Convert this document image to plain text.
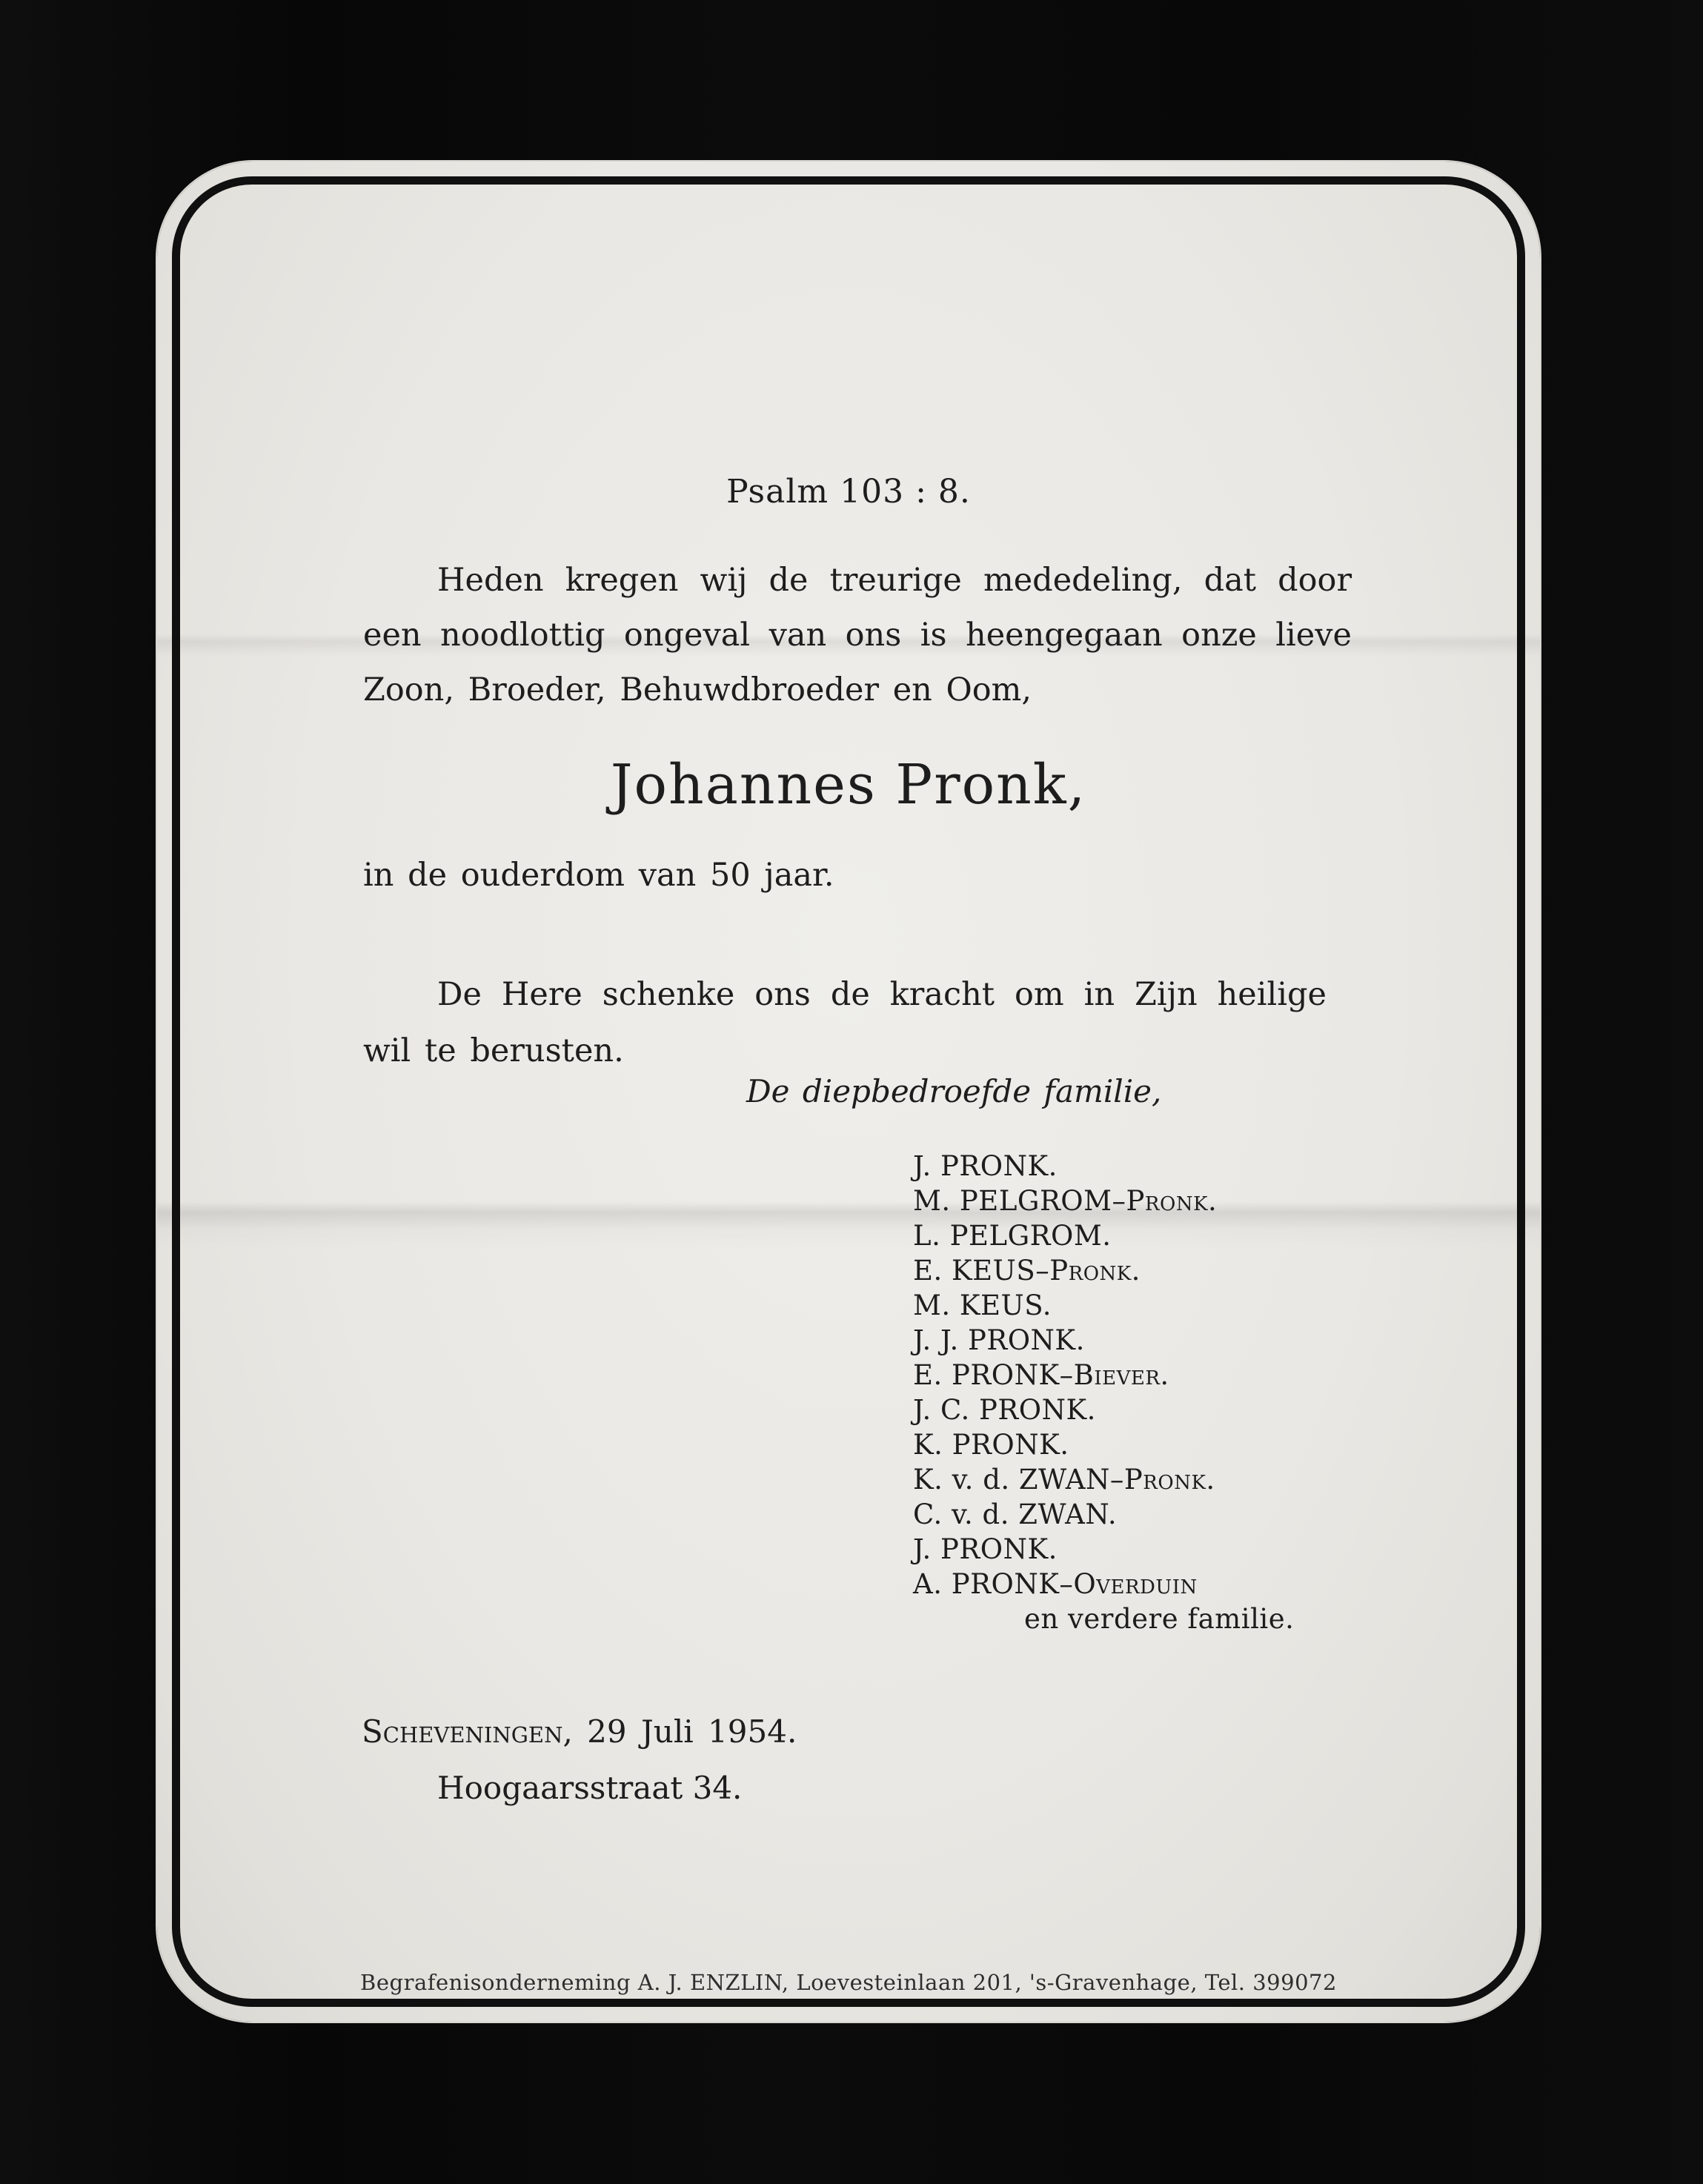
Psalm 103 : 8.
Heden kregen wij de treurige mededeling, dat door een noodlottig ongeval van ons is heengegaan onze lieve Zoon, Broeder, Behuwdbroeder en Oom,
Johannes Pronk,
in de ouderdom van 50 jaar.
De Here schenke ons de kracht om in Zijn heilige wil te berusten.
De diepbedroefde familie,
J. PRONK.
M. PELGROM–Pronk.
L. PELGROM.
E. KEUS–Pronk.
M. KEUS.
J. J. PRONK.
E. PRONK–Biever.
J. C. PRONK.
K. PRONK.
K. v. d. ZWAN–Pronk.
C. v. d. ZWAN.
J. PRONK.
A. PRONK–Overduin
en verdere familie.
Scheveningen, 29 Juli 1954.
Hoogaarsstraat 34.
Begrafenisonderneming A. J. ENZLIN, Loevesteinlaan 201, 's-Gravenhage, Tel. 399072
